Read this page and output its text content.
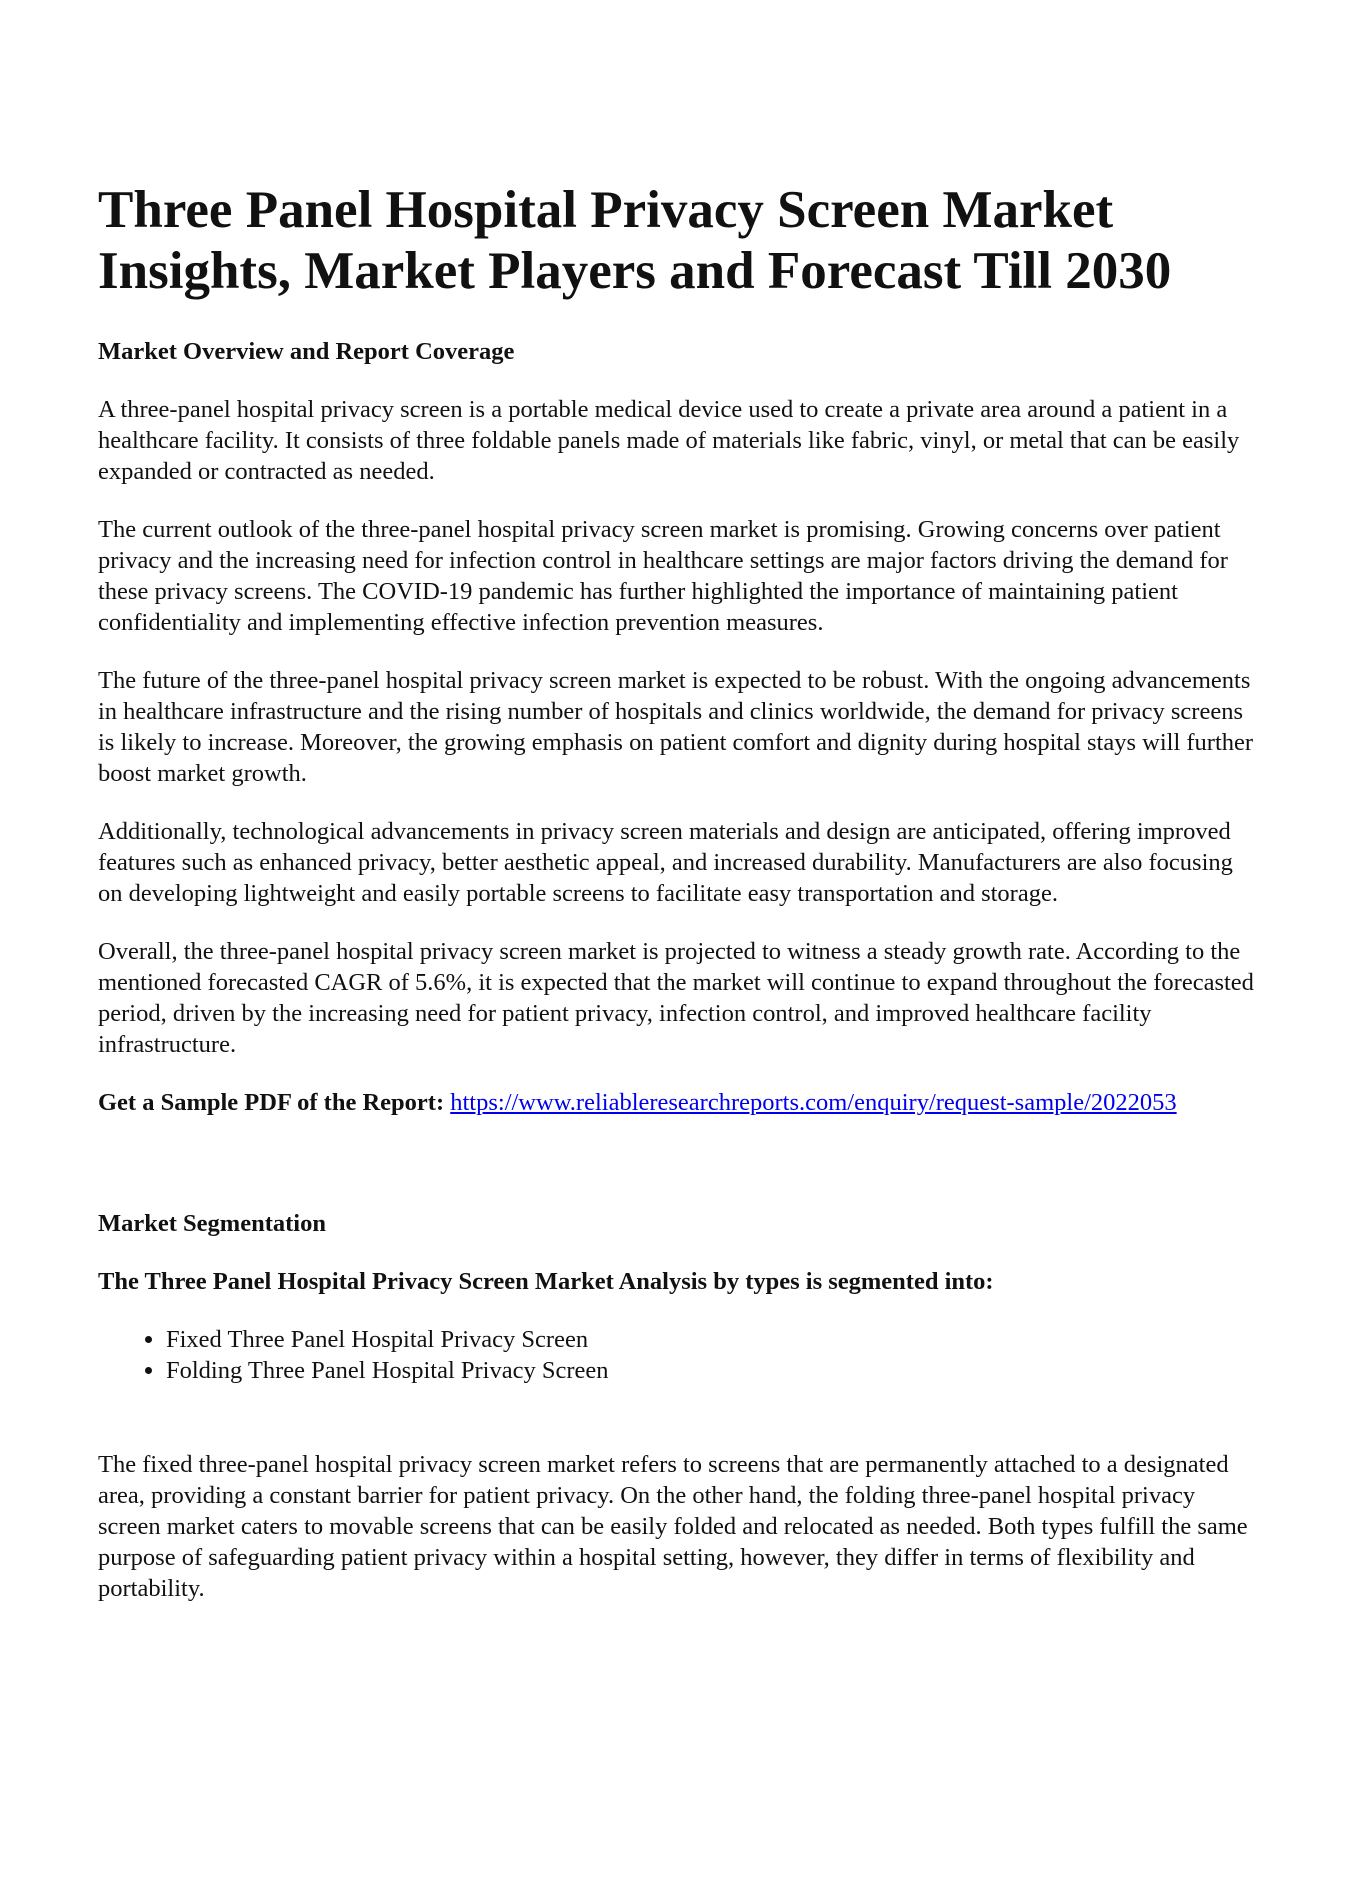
Three Panel Hospital Privacy Screen Market Insights, Market Players and Forecast Till 2030
Market Overview and Report Coverage

A three-panel hospital privacy screen is a portable medical device used to create a private area around a patient in a healthcare facility. It consists of three foldable panels made of materials like fabric, vinyl, or metal that can be easily expanded or contracted as needed.

The current outlook of the three-panel hospital privacy screen market is promising. Growing concerns over patient privacy and the increasing need for infection control in healthcare settings are major factors driving the demand for these privacy screens. The COVID-19 pandemic has further highlighted the importance of maintaining patient confidentiality and implementing effective infection prevention measures.

The future of the three-panel hospital privacy screen market is expected to be robust. With the ongoing advancements in healthcare infrastructure and the rising number of hospitals and clinics worldwide, the demand for privacy screens is likely to increase. Moreover, the growing emphasis on patient comfort and dignity during hospital stays will further boost market growth.

Additionally, technological advancements in privacy screen materials and design are anticipated, offering improved features such as enhanced privacy, better aesthetic appeal, and increased durability. Manufacturers are also focusing on developing lightweight and easily portable screens to facilitate easy transportation and storage.

Overall, the three-panel hospital privacy screen market is projected to witness a steady growth rate. According to the mentioned forecasted CAGR of 5.6%, it is expected that the market will continue to expand throughout the forecasted period, driven by the increasing need for patient privacy, infection control, and improved healthcare facility infrastructure.

Get a Sample PDF of the Report: https://www.reliableresearchreports.com/enquiry/request-sample/2022053

Market Segmentation
The Three Panel Hospital Privacy Screen Market Analysis by types is segmented into:
• Fixed Three Panel Hospital Privacy Screen
• Folding Three Panel Hospital Privacy Screen

The fixed three-panel hospital privacy screen market refers to screens that are permanently attached to a designated area, providing a constant barrier for patient privacy. On the other hand, the folding three-panel hospital privacy screen market caters to movable screens that can be easily folded and relocated as needed. Both types fulfill the same purpose of safeguarding patient privacy within a hospital setting, however, they differ in terms of flexibility and portability.
